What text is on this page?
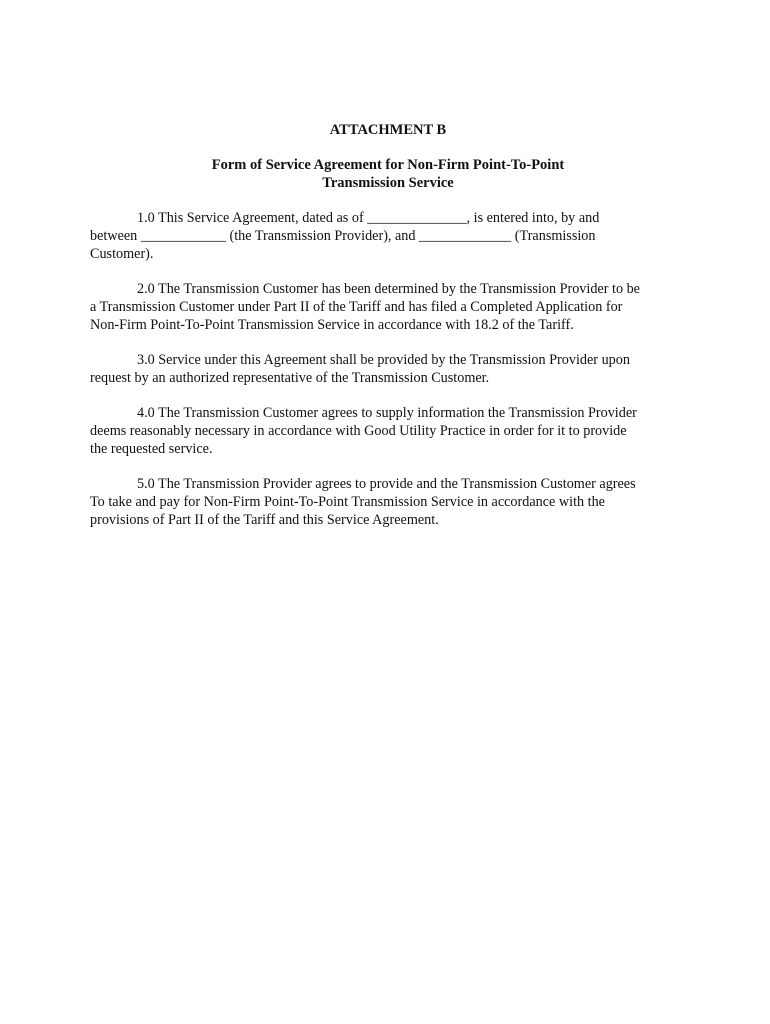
ATTACHMENT B

Form of Service Agreement for Non-Firm Point-To-Point
Transmission Service

1.0 This Service Agreement, dated as of ______________, is entered into, by and
between ____________ (the Transmission Provider), and _____________ (Transmission
Customer).

2.0 The Transmission Customer has been determined by the Transmission Provider to be
a Transmission Customer under Part II of the Tariff and has filed a Completed Application for
Non-Firm Point-To-Point Transmission Service in accordance with 18.2 of the Tariff.

3.0 Service under this Agreement shall be provided by the Transmission Provider upon
request by an authorized representative of the Transmission Customer.

4.0 The Transmission Customer agrees to supply information the Transmission Provider
deems reasonably necessary in accordance with Good Utility Practice in order for it to provide
the requested service.

5.0 The Transmission Provider agrees to provide and the Transmission Customer agrees
To take and pay for Non-Firm Point-To-Point Transmission Service in accordance with the
provisions of Part II of the Tariff and this Service Agreement.
